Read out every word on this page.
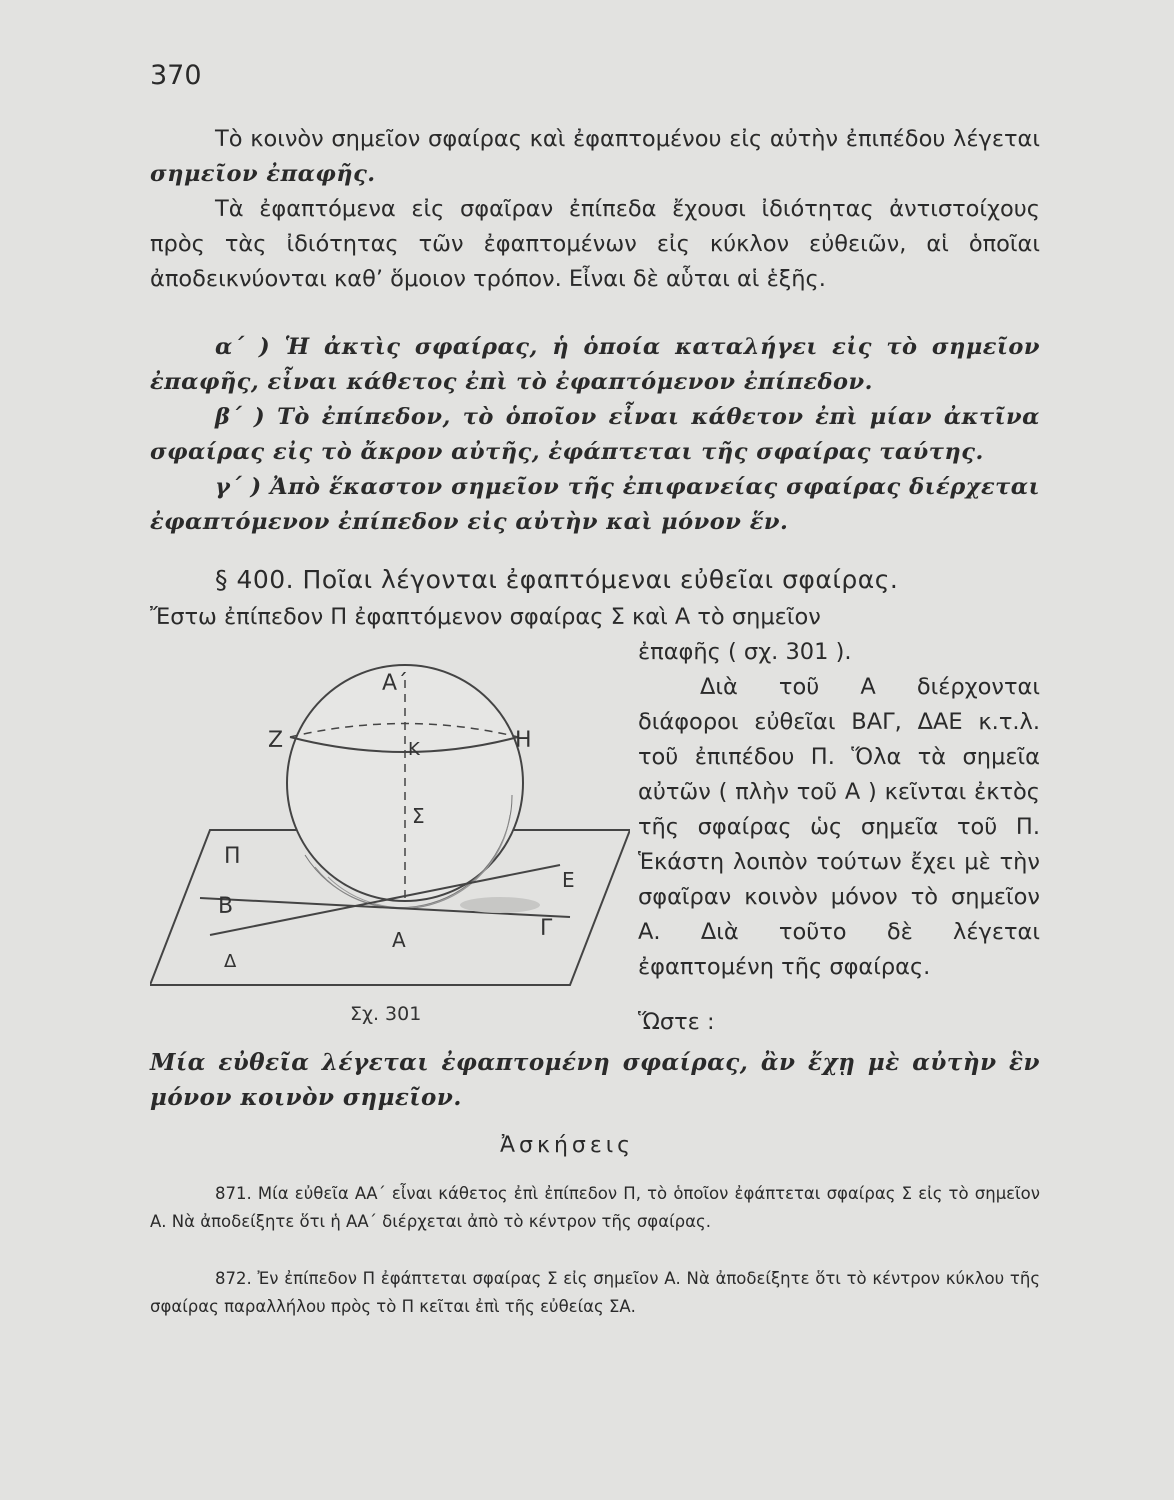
370
Τὸ κοινὸν σημεῖον σφαίρας καὶ ἐφαπτομένου εἰς αὐτὴν ἐπιπέδου λέγεται σημεῖον ἐπαφῆς.
Τὰ ἐφαπτόμενα εἰς σφαῖραν ἐπίπεδα ἔχουσι ἰδιότητας ἀντιστοίχους πρὸς τὰς ἰδιότητας τῶν ἐφαπτομένων εἰς κύκλον εὐθειῶν, αἱ ὁποῖαι ἀποδεικνύονται καθ’ ὅμοιον τρόπον. Εἶναι δὲ αὗται αἱ ἑξῆς.
α΄ ) Ἡ ἀκτὶς σφαίρας, ἡ ὁποία καταλήγει εἰς τὸ σημεῖον ἐπαφῆς, εἶναι κάθετος ἐπὶ τὸ ἐφαπτόμενον ἐπίπεδον.
β΄ ) Τὸ ἐπίπεδον, τὸ ὁποῖον εἶναι κάθετον ἐπὶ μίαν ἀκτῖνα σφαίρας εἰς τὸ ἄκρον αὐτῆς, ἐφάπτεται τῆς σφαίρας ταύτης.
γ΄ ) Ἀπὸ ἕκαστον σημεῖον τῆς ἐπιφανείας σφαίρας διέρχεται ἐφαπτόμενον ἐπίπεδον εἰς αὐτὴν καὶ μόνον ἕν.
§ 400. Ποῖαι λέγονται ἐφαπτόμεναι εὐθεῖαι σφαίρας.
Ἔστω ἐπίπεδον Π ἐφαπτόμενον σφαίρας Σ καὶ Α τὸ σημεῖον
ἐπαφῆς ( σχ. 301 ).
Διὰ τοῦ Α διέρχονται διάφοροι εὐθεῖαι ΒΑΓ, ΔΑΕ κ.τ.λ. τοῦ ἐπιπέδου Π. Ὅλα τὰ σημεῖα αὐτῶν ( πλὴν τοῦ Α ) κεῖνται ἐκτὸς τῆς σφαίρας ὡς σημεῖα τοῦ Π. Ἑκάστη λοιπὸν τούτων ἔχει μὲ τὴν σφαῖραν κοινὸν μόνον τὸ σημεῖον Α. Διὰ τοῦτο δὲ λέγεται ἐφαπτομένη τῆς σφαίρας.
Ὥστε :
Α΄
Ζ	Η
Κ
Σ
Π
Ε
Β
Α	Γ
Δ
Σχ. 301
Μία εὐθεῖα λέγεται ἐφαπτομένη σφαίρας, ἂν ἔχῃ μὲ αὐτὴν ἓν μόνον κοινὸν σημεῖον.
Ἀσκήσεις
871. Μία εὐθεῖα ΑΑ΄ εἶναι κάθετος ἐπὶ ἐπίπεδον Π, τὸ ὁποῖον ἐφάπτεται σφαίρας Σ εἰς τὸ σημεῖον Α. Νὰ ἀποδείξητε ὅτι ἡ ΑΑ΄ διέρχεται ἀπὸ τὸ κέντρον τῆς σφαίρας.
872. Ἐν ἐπίπεδον Π ἐφάπτεται σφαίρας Σ εἰς σημεῖον Α. Νὰ ἀποδείξητε ὅτι τὸ κέντρον κύκλου τῆς σφαίρας παραλλήλου πρὸς τὸ Π κεῖται ἐπὶ τῆς εὐθείας ΣΑ.
